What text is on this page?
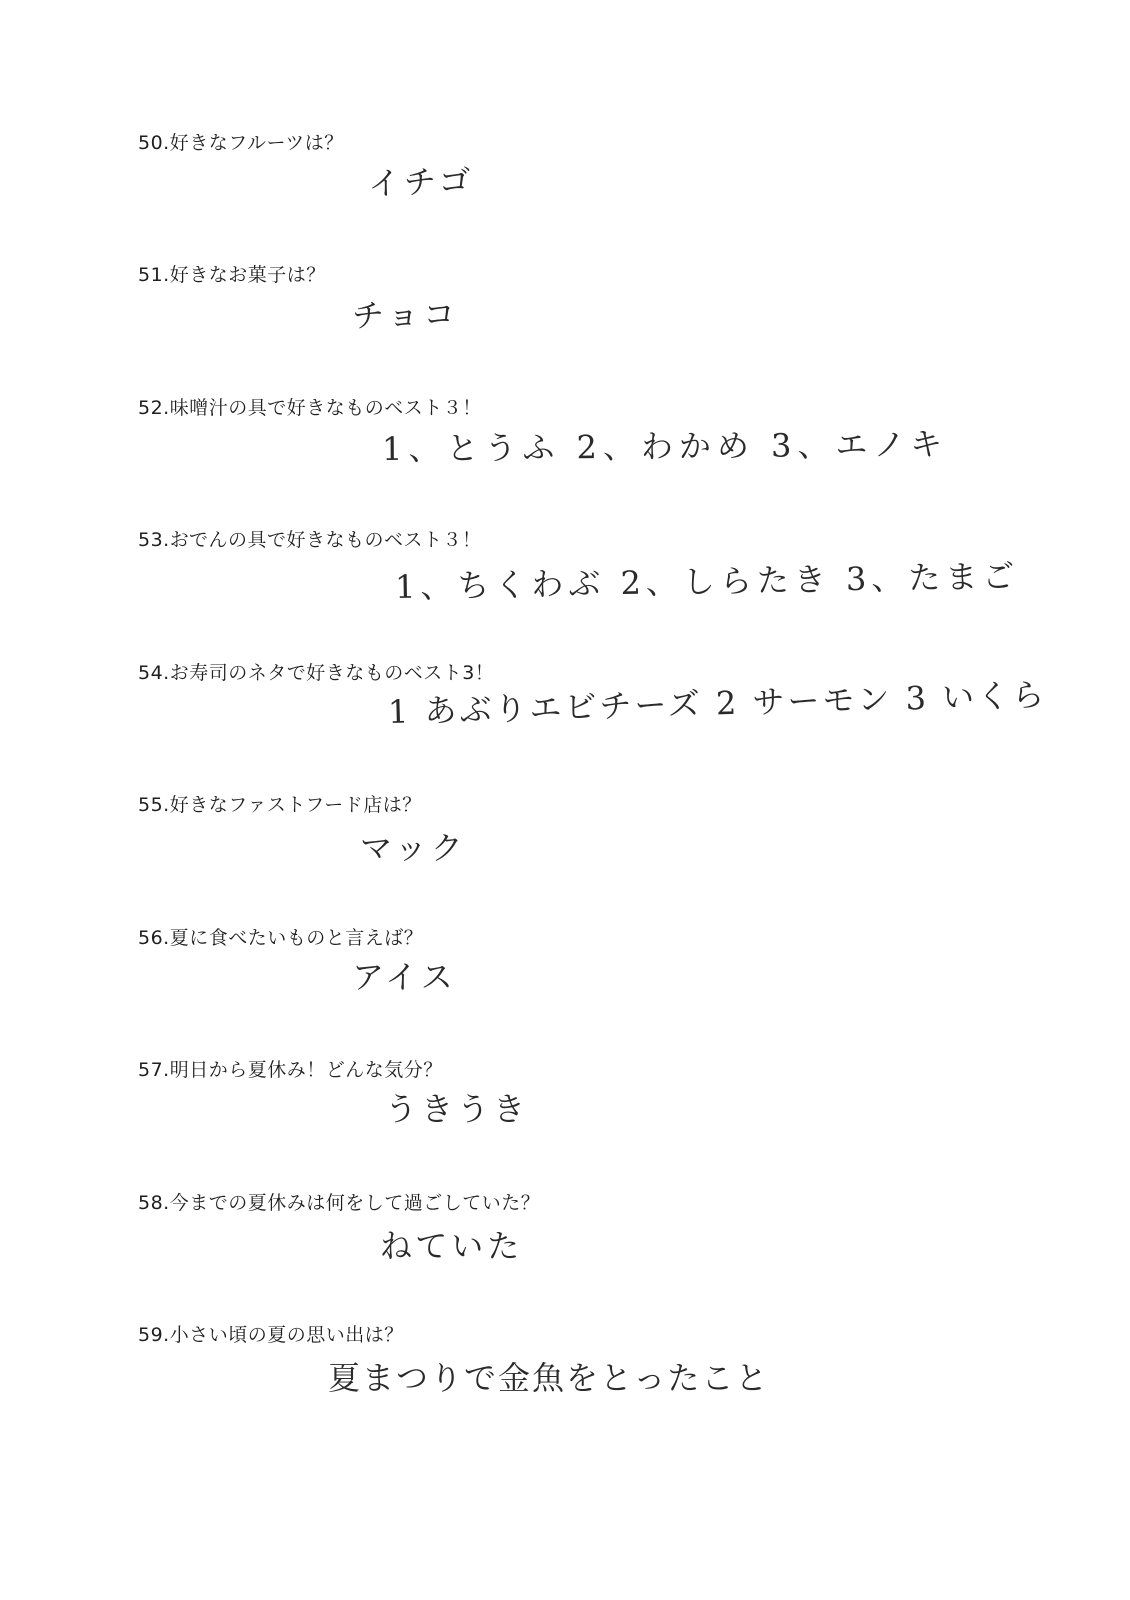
50.好きなフルーツは？
イチゴ
51.好きなお菓子は？
チョコ
52.味噌汁の具で好きなものベスト３！
1、とうふ 2、わかめ 3、エノキ
53.おでんの具で好きなものベスト３！
1、ちくわぶ 2、しらたき 3、たまご
54.お寿司のネタで好きなものベスト3！
1 あぶりエビチーズ 2 サーモン 3 いくら
55.好きなファストフード店は？
マック
56.夏に食べたいものと言えば？
アイス
57.明日から夏休み！どんな気分？
うきうき
58.今までの夏休みは何をして過ごしていた？
ねていた
59.小さい頃の夏の思い出は？
夏まつりで金魚をとったこと
